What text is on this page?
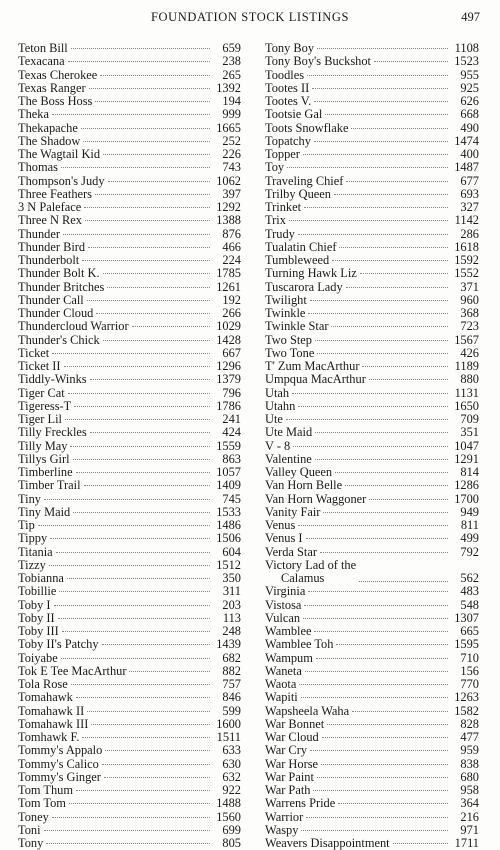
FOUNDATION STOCK LISTINGS	497
Teton Bill	659
Texacana	238
Texas Cherokee	265
Texas Ranger	1392
The Boss Hoss	194
Theka	999
Thekapache	1665
The Shadow	252
The Wagtail Kid	226
Thomas	743
Thompson's Judy	1062
Three Feathers	397
3 N Paleface	1292
Three N Rex	1388
Thunder	876
Thunder Bird	466
Thunderbolt	224
Thunder Bolt K.	1785
Thunder Britches	1261
Thunder Call	192
Thunder Cloud	266
Thundercloud Warrior	1029
Thunder's Chick	1428
Ticket	667
Ticket II	1296
Tiddly-Winks	1379
Tiger Cat	796
Tigeress-T	1786
Tiger Lil	241
Tilly Freckles	424
Tilly May	1559
Tillys Girl	863
Timberline	1057
Timber Trail	1409
Tiny	745
Tiny Maid	1533
Tip	1486
Tippy	1506
Titania	604
Tizzy	1512
Tobianna	350
Tobillie	311
Toby I	203
Toby II	113
Toby III	248
Toby II's Patchy	1439
Toiyabe	682
Tok E Tee MacArthur	882
Tola Rose	757
Tomahawk	846
Tomahawk II	599
Tomahawk III	1600
Tomhawk F.	1511
Tommy's Appalo	633
Tommy's Calico	630
Tommy's Ginger	632
Tom Thum	922
Tom Tom	1488
Toney	1560
Toni	699
Tony	805
Tony Boy	1108
Tony Boy's Buckshot	1523
Toodles	955
Tootes II	925
Tootes V.	626
Tootsie Gal	668
Toots Snowflake	490
Topatchy	1474
Topper	400
Toy	1487
Traveling Chief	677
Trilby Queen	693
Trinket	327
Trix	1142
Trudy	286
Tualatin Chief	1618
Tumbleweed	1592
Turning Hawk Liz	1552
Tuscarora Lady	371
Twilight	960
Twinkle	368
Twinkle Star	723
Two Step	1567
Two Tone	426
T' Zum MacArthur	1189
Umpqua MacArthur	880
Utah	1131
Utahn	1650
Ute	709
Ute Maid	351
V - 8	1047
Valentine	1291
Valley Queen	814
Van Horn Belle	1286
Van Horn Waggoner	1700
Vanity Fair	949
Venus	811
Venus I	499
Verda Star	792
Victory Lad of the
Calamus	562
Virginia	483
Vistosa	548
Vulcan	1307
Wamblee	665
Wamblee Toh	1595
Wampum	710
Waneta	156
Waota	770
Wapiti	1263
Wapsheela Waha	1582
War Bonnet	828
War Cloud	477
War Cry	959
War Horse	838
War Paint	680
War Path	958
Warrens Pride	364
Warrior	216
Waspy	971
Weavers Disappointment	1711
